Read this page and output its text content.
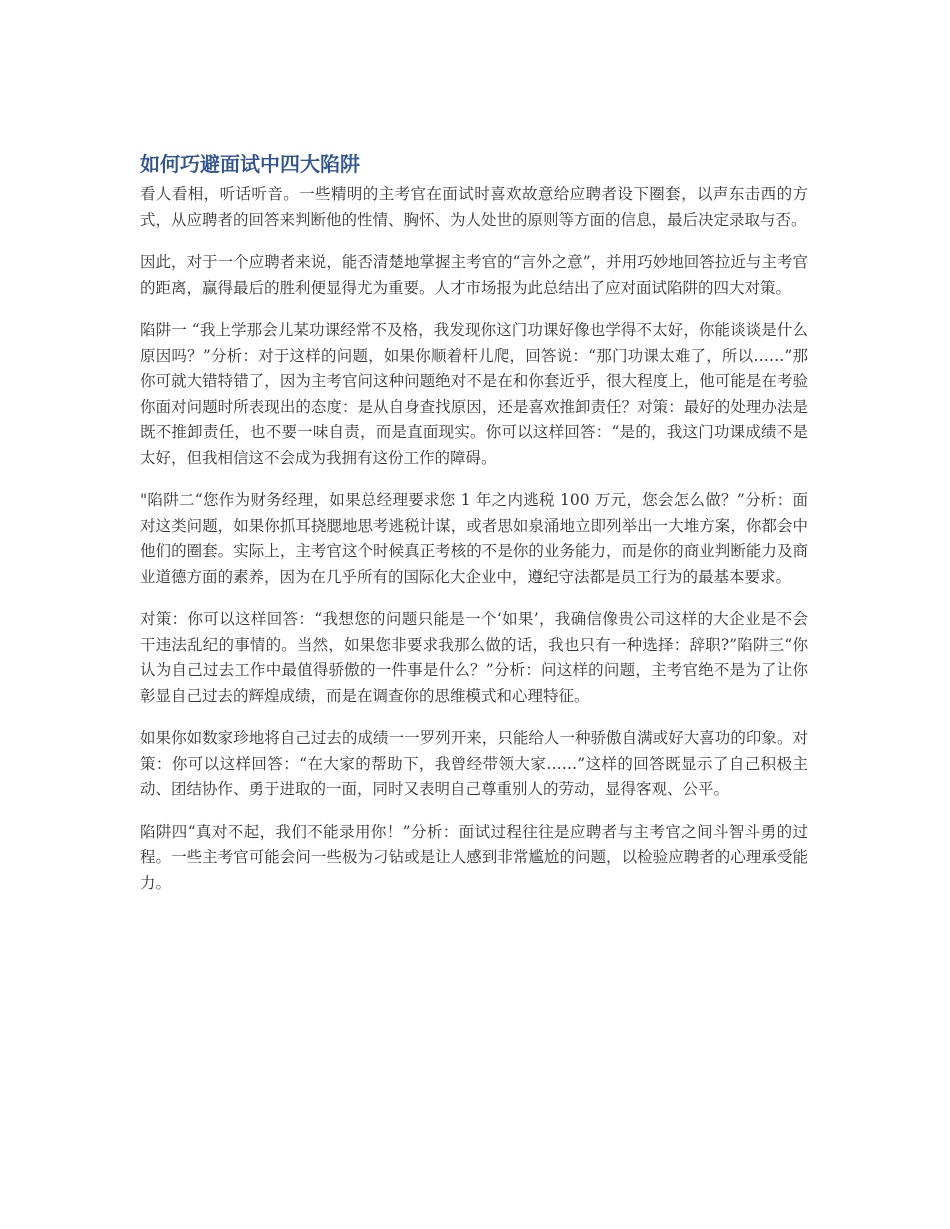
如何巧避面试中四大陷阱

看人看相，听话听音。一些精明的主考官在面试时喜欢故意给应聘者设下圈套，以声东击西的方式，从应聘者的回答来判断他的性情、胸怀、为人处世的原则等方面的信息，最后决定录取与否。

因此，对于一个应聘者来说，能否清楚地掌握主考官的“言外之意”，并用巧妙地回答拉近与主考官的距离，赢得最后的胜利便显得尤为重要。人才市场报为此总结出了应对面试陷阱的四大对策。

陷阱一 “我上学那会儿某功课经常不及格，我发现你这门功课好像也学得不太好，你能谈谈是什么原因吗？”分析：对于这样的问题，如果你顺着杆儿爬，回答说：“那门功课太难了，所以……”那你可就大错特错了，因为主考官问这种问题绝对不是在和你套近乎，很大程度上，他可能是在考验你面对问题时所表现出的态度：是从自身查找原因，还是喜欢推卸责任？对策：最好的处理办法是既不推卸责任，也不要一味自责，而是直面现实。你可以这样回答：“是的，我这门功课成绩不是太好，但我相信这不会成为我拥有这份工作的障碍。

"陷阱二“您作为财务经理，如果总经理要求您 1 年之内逃税 100 万元，您会怎么做？”分析：面对这类问题，如果你抓耳挠腮地思考逃税计谋，或者思如泉涌地立即列举出一大堆方案，你都会中他们的圈套。实际上，主考官这个时候真正考核的不是你的业务能力，而是你的商业判断能力及商业道德方面的素养，因为在几乎所有的国际化大企业中，遵纪守法都是员工行为的最基本要求。

对策：你可以这样回答：“我想您的问题只能是一个‘如果’，我确信像贵公司这样的大企业是不会干违法乱纪的事情的。当然，如果您非要求我那么做的话，我也只有一种选择：辞职?”陷阱三“你认为自己过去工作中最值得骄傲的一件事是什么？”分析：问这样的问题，主考官绝不是为了让你彰显自己过去的辉煌成绩，而是在调查你的思维模式和心理特征。

如果你如数家珍地将自己过去的成绩一一罗列开来，只能给人一种骄傲自满或好大喜功的印象。对策：你可以这样回答：“在大家的帮助下，我曾经带领大家……”这样的回答既显示了自己积极主动、团结协作、勇于进取的一面，同时又表明自己尊重别人的劳动，显得客观、公平。

陷阱四“真对不起，我们不能录用你！”分析：面试过程往往是应聘者与主考官之间斗智斗勇的过程。一些主考官可能会问一些极为刁钻或是让人感到非常尴尬的问题，以检验应聘者的心理承受能力。
